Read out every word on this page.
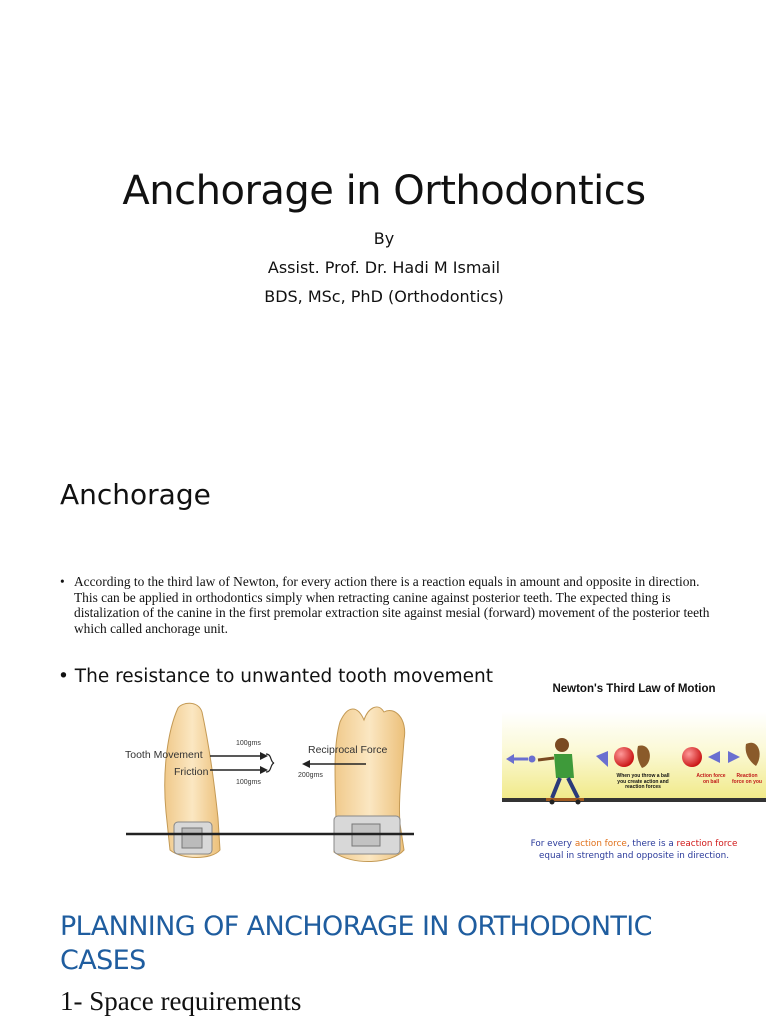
Anchorage in Orthodontics
By
Assist. Prof. Dr. Hadi M Ismail
BDS, MSc, PhD (Orthodontics)
Anchorage
• According to the third law of Newton, for every action there is a reaction equals in amount and opposite in direction. This can be applied in orthodontics simply when retracting canine against posterior teeth. The expected thing is distalization of the canine in the first premolar extraction site against mesial (forward) movement of the posterior teeth which called anchorage unit.
• The resistance to unwanted tooth movement
Tooth Movement
Friction
100gms
100gms
Reciprocal Force
200gms
Newton's Third Law of Motion
When you throw a ball you create action and reaction forces
Action force on ball
Reaction force on you
For every action force, there is a reaction force
equal in strength and opposite in direction.
PLANNING OF ANCHORAGE IN ORTHODONTIC CASES
1- Space requirements
